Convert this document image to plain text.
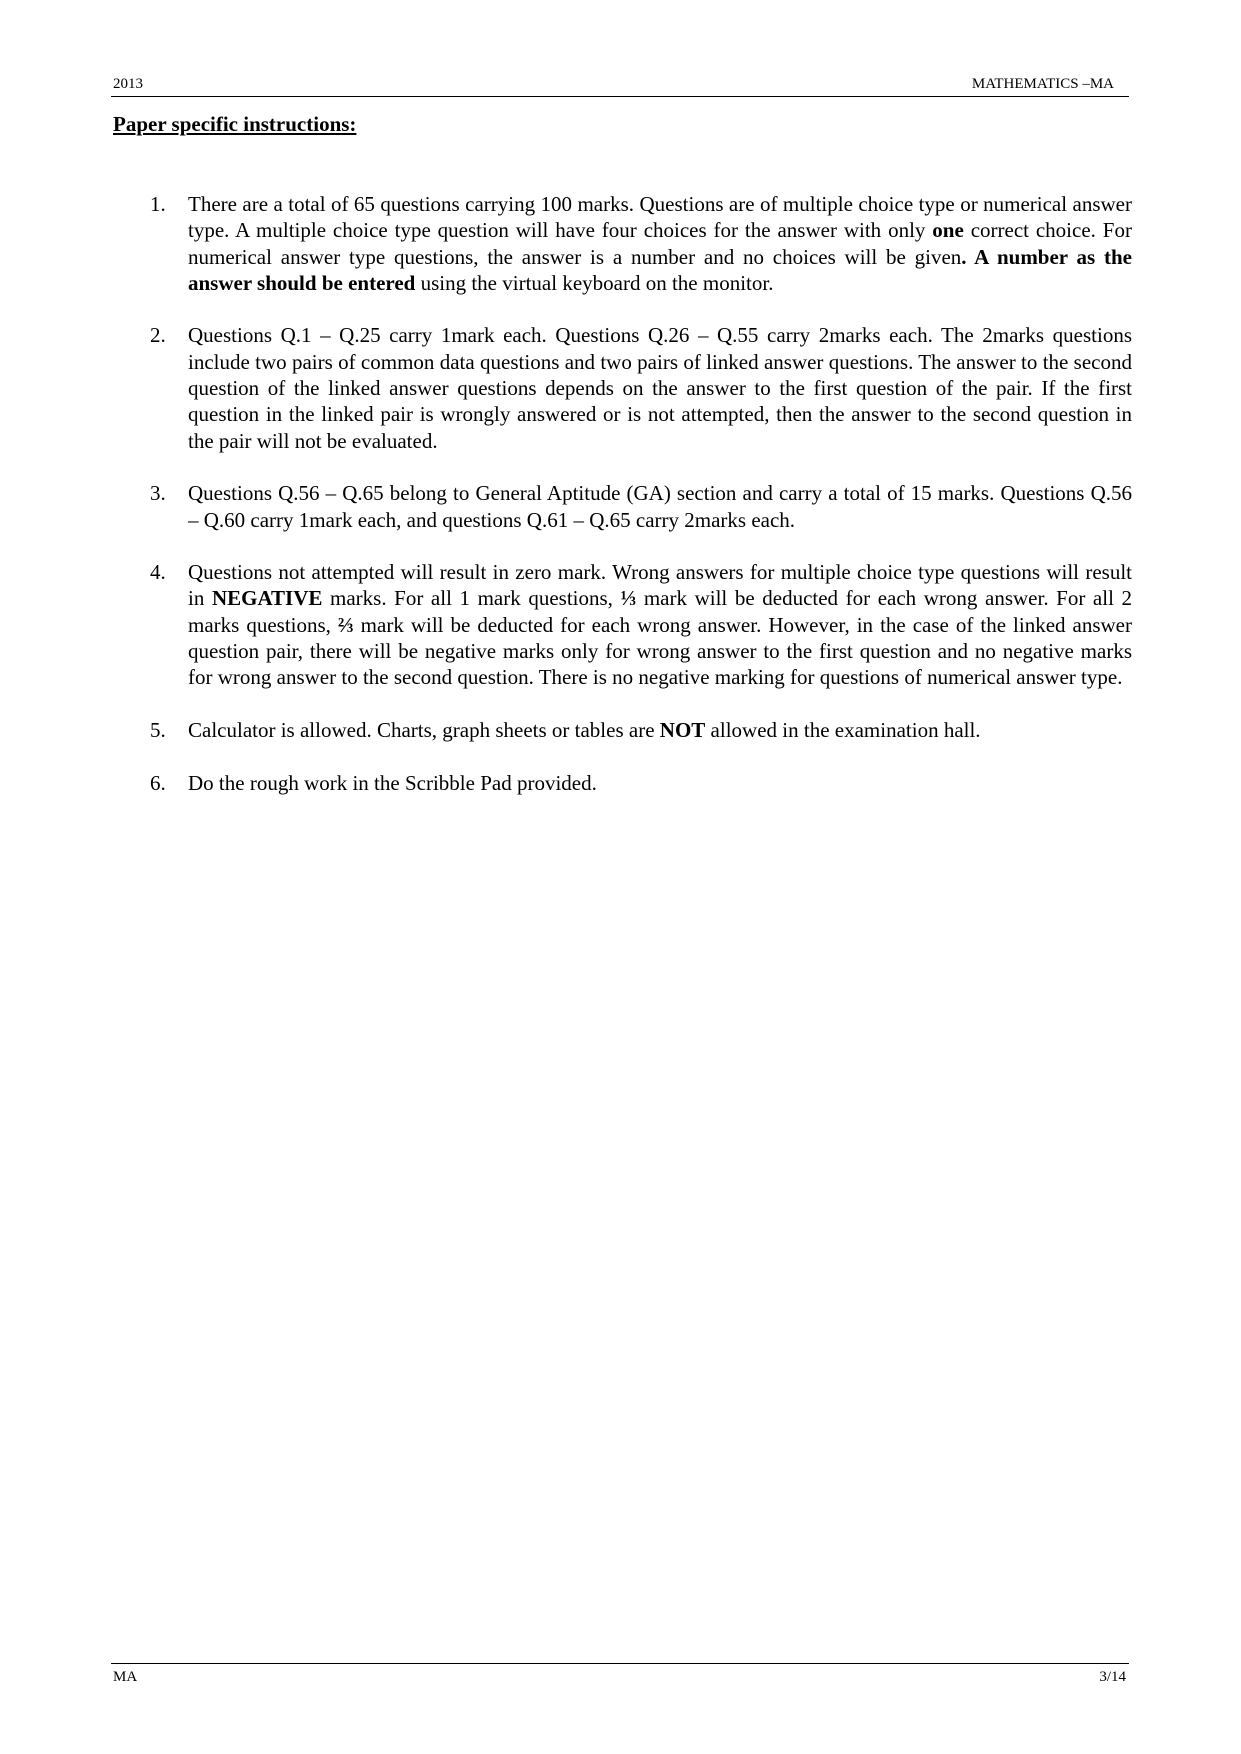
2013	MATHEMATICS –MA
Paper specific instructions:
1. There are a total of 65 questions carrying 100 marks. Questions are of multiple choice type or numerical answer type. A multiple choice type question will have four choices for the answer with only one correct choice. For numerical answer type questions, the answer is a number and no choices will be given. A number as the answer should be entered using the virtual keyboard on the monitor.
2. Questions Q.1 – Q.25 carry 1mark each. Questions Q.26 – Q.55 carry 2marks each. The 2marks questions include two pairs of common data questions and two pairs of linked answer questions. The answer to the second question of the linked answer questions depends on the answer to the first question of the pair. If the first question in the linked pair is wrongly answered or is not attempted, then the answer to the second question in the pair will not be evaluated.
3. Questions Q.56 – Q.65 belong to General Aptitude (GA) section and carry a total of 15 marks. Questions Q.56 – Q.60 carry 1mark each, and questions Q.61 – Q.65 carry 2marks each.
4. Questions not attempted will result in zero mark. Wrong answers for multiple choice type questions will result in NEGATIVE marks. For all 1 mark questions, ⅓ mark will be deducted for each wrong answer. For all 2 marks questions, ⅔ mark will be deducted for each wrong answer. However, in the case of the linked answer question pair, there will be negative marks only for wrong answer to the first question and no negative marks for wrong answer to the second question. There is no negative marking for questions of numerical answer type.
5. Calculator is allowed. Charts, graph sheets or tables are NOT allowed in the examination hall.
6. Do the rough work in the Scribble Pad provided.
MA	3/14
